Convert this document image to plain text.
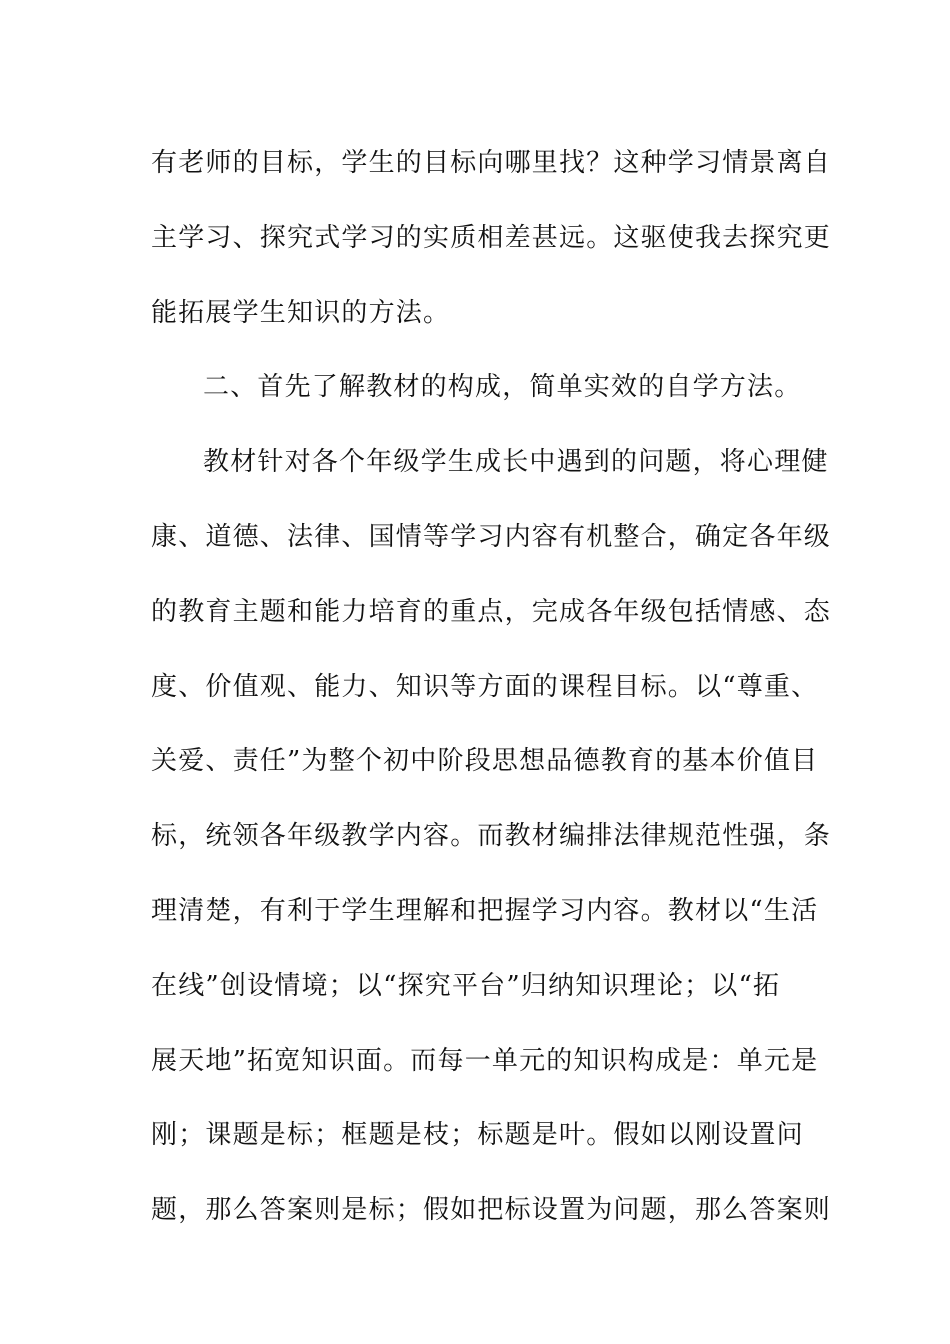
有老师的目标，学生的目标向哪里找？这种学习情景离自
主学习、探究式学习的实质相差甚远。这驱使我去探究更
能拓展学生知识的方法。
二、首先了解教材的构成，简单实效的自学方法。
教材针对各个年级学生成长中遇到的问题，将心理健
康、道德、法律、国情等学习内容有机整合，确定各年级
的教育主题和能力培育的重点，完成各年级包括情感、态
度、价值观、能力、知识等方面的课程目标。以“尊重、
关爱、责任”为整个初中阶段思想品德教育的基本价值目
标，统领各年级教学内容。而教材编排法律规范性强，条
理清楚，有利于学生理解和把握学习内容。教材以“生活
在线”创设情境；以“探究平台”归纳知识理论；以“拓
展天地”拓宽知识面。而每一单元的知识构成是：单元是
刚；课题是标；框题是枝；标题是叶。假如以刚设置问
题，那么答案则是标；假如把标设置为问题，那么答案则
